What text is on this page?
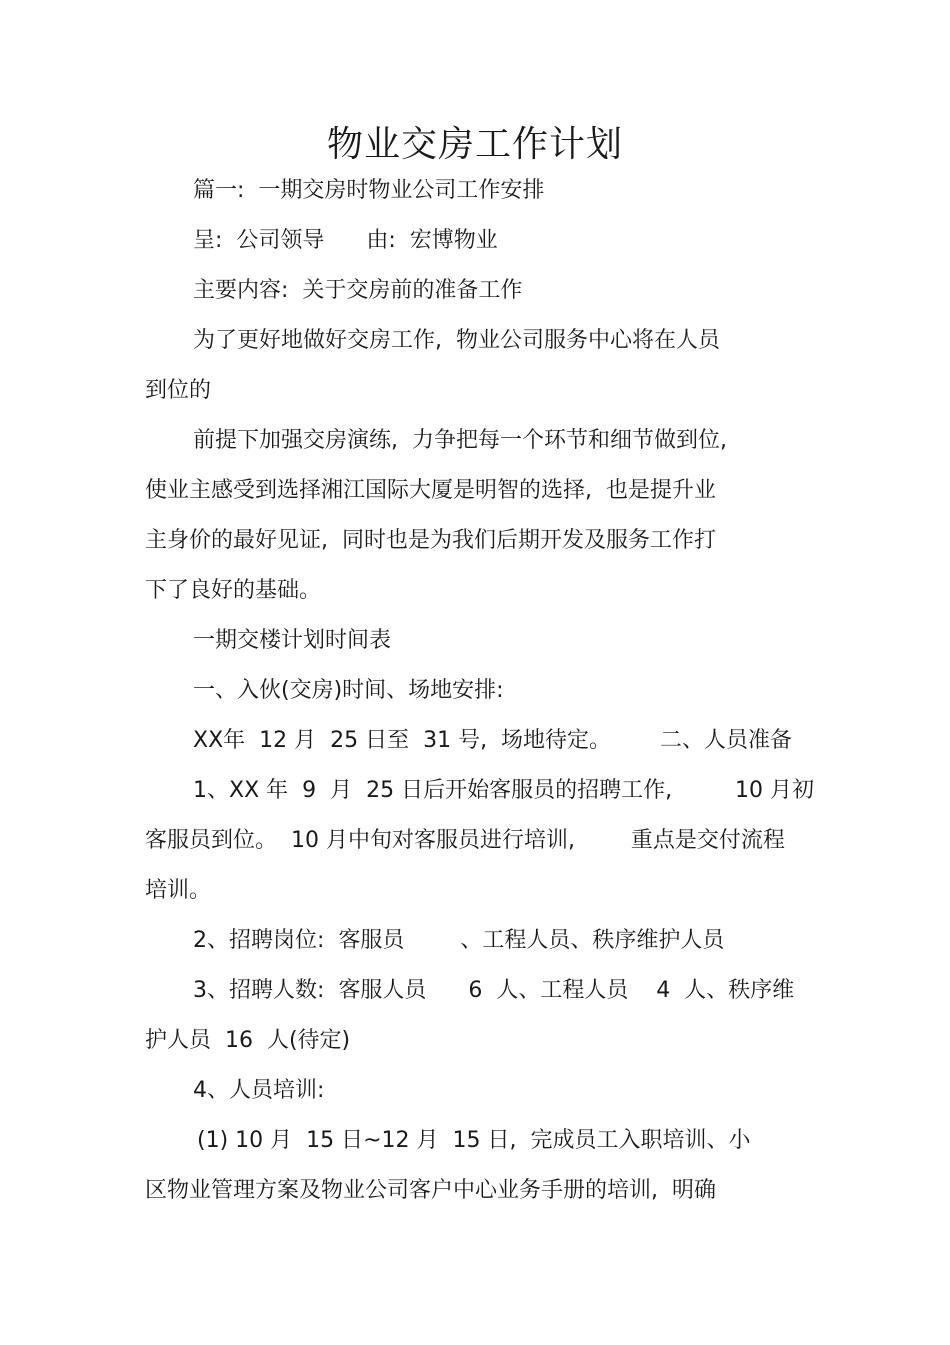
物业交房工作计划

篇一:  一期交房时物业公司工作安排

呈:  公司领导      由:  宏博物业

主要内容:  关于交房前的准备工作

为了更好地做好交房工作,  物业公司服务中心将在人员

到位的

前提下加强交房演练,  力争把每一个环节和细节做到位,

使业主感受到选择湘江国际大厦是明智的选择,  也是提升业

主身价的最好见证,  同时也是为我们后期开发及服务工作打

下了良好的基础。

一期交楼计划时间表

一、入伙(交房)时间、场地安排:

XX年  12 月  25 日至  31 号,  场地待定。       二、人员准备

1、XX 年  9  月  25 日后开始客服员的招聘工作,         10 月初

客服员到位。  10 月中旬对客服员进行培训,        重点是交付流程

培训。

2、招聘岗位:  客服员        、工程人员、秩序维护人员

3、招聘人数:  客服人员      6  人、工程人员    4  人、秩序维

护人员  16  人(待定)

4、人员培训:

(1) 10 月  15 日~12 月  15 日,  完成员工入职培训、小

区物业管理方案及物业公司客户中心业务手册的培训,  明确
